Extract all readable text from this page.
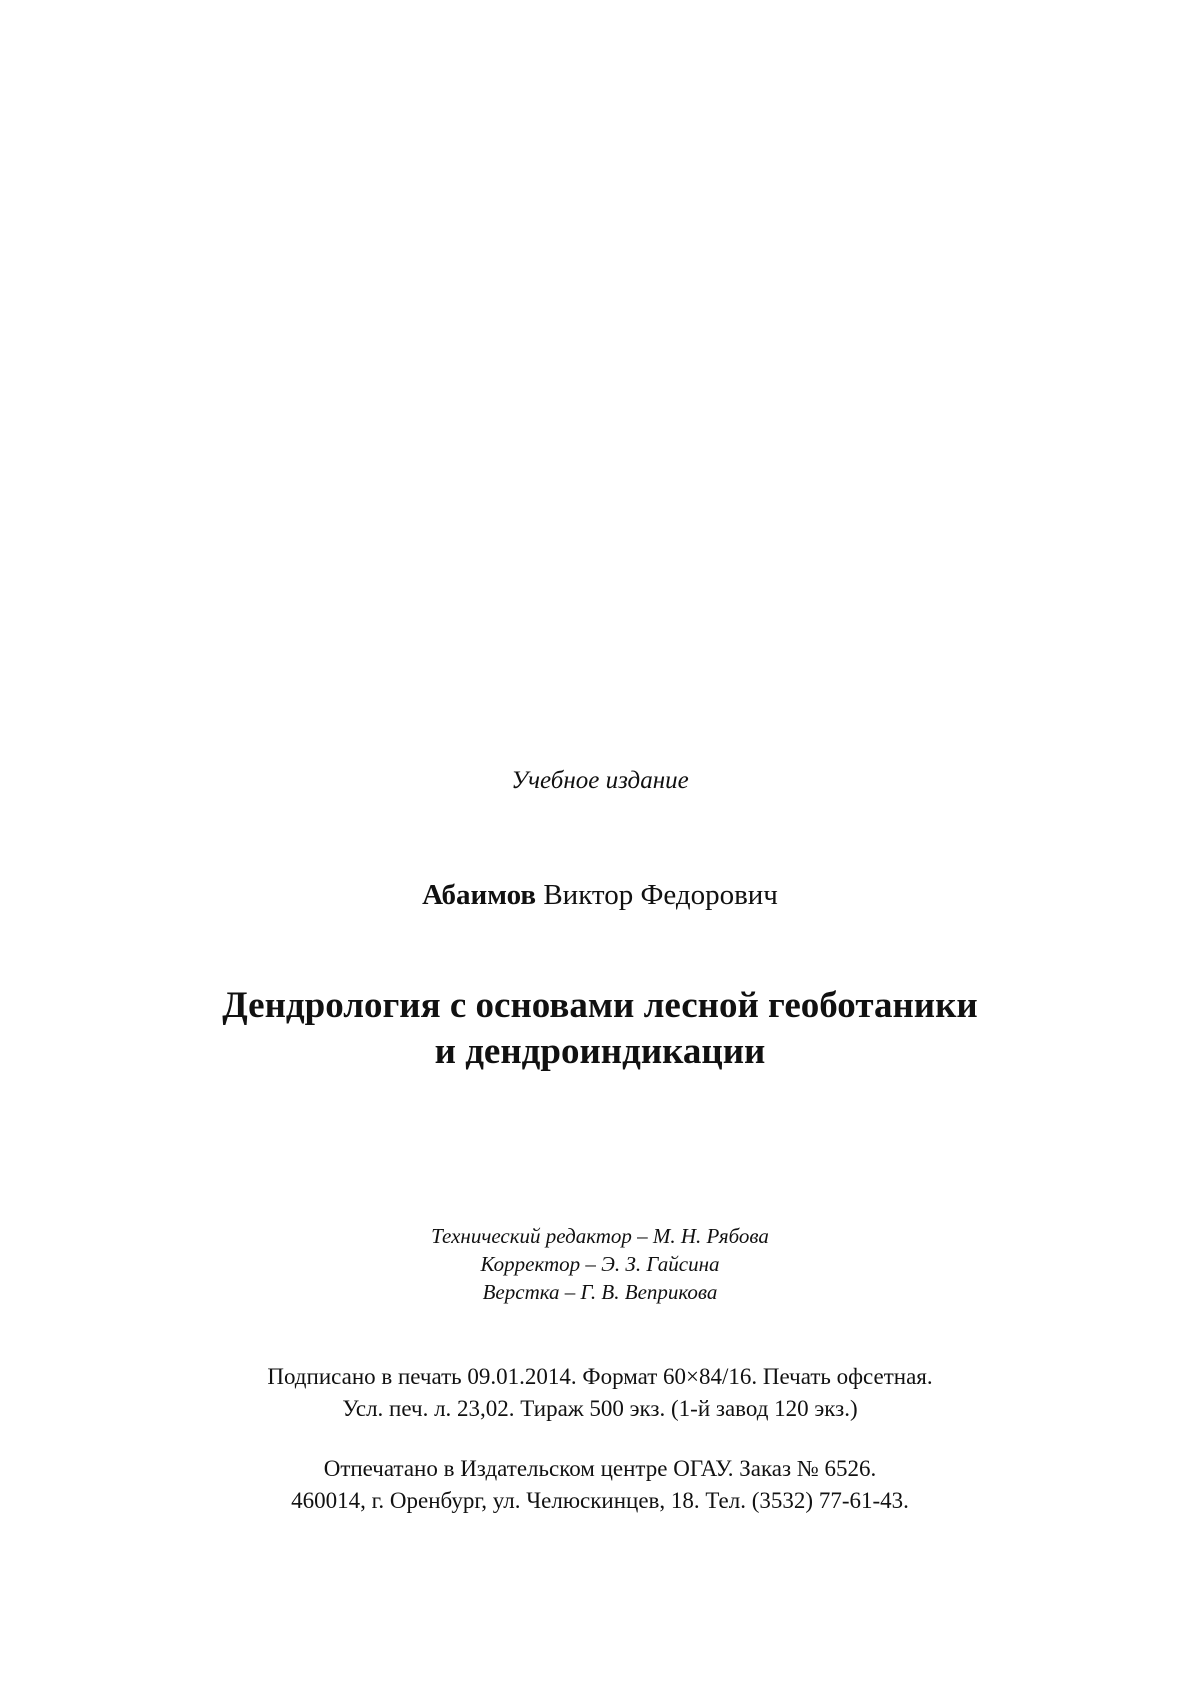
Учебное издание
Абаимов Виктор Федорович
Дендрология с основами лесной геоботаники
и дендроиндикации
Технический редактор – М. Н. Рябова
Корректор – Э. З. Гайсина
Верстка – Г. В. Веприкова
Подписано в печать 09.01.2014. Формат 60×84/16. Печать офсетная.
Усл. печ. л. 23,02. Тираж 500 экз. (1-й завод 120 экз.)
Отпечатано в Издательском центре ОГАУ. Заказ № 6526.
460014, г. Оренбург, ул. Челюскинцев, 18. Тел. (3532) 77-61-43.
